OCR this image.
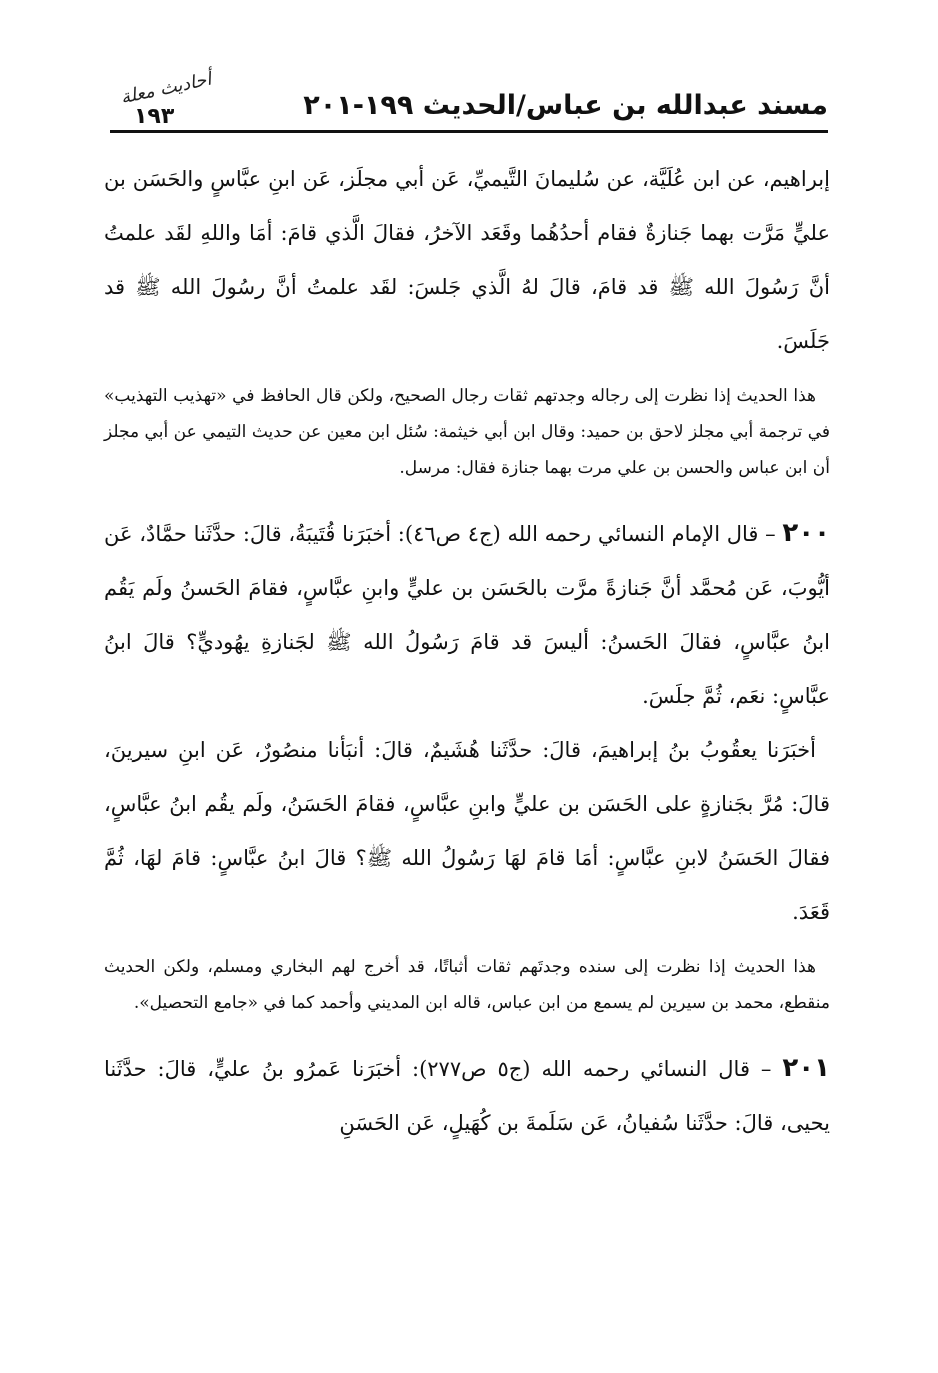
مسند عبدالله بن عباس/الحديث ١٩٩-٢٠١
أحاديث معلة
١٩٣

إبراهيم، عن ابن عُلَيَّة، عن سُليمانَ التَّيميِّ، عَن أبي مجلَز، عَن ابنِ عبَّاسٍ والحَسَن بن عليٍّ مَرَّت بهما جَنازةٌ فقام أحدُهُما وقَعَد الآخرُ، فقالَ الَّذي قامَ: أمَا واللهِ لقَد علمتُ أنَّ رَسُولَ الله ﷺ قد قامَ، قالَ لهُ الَّذي جَلسَ: لقَد علمتُ أنَّ رسُولَ الله ﷺ قد جَلَسَ.

هذا الحديث إذا نظرت إلى رجاله وجدتهم ثقات رجال الصحيح، ولكن قال الحافظ في «تهذيب التهذيب» في ترجمة أبي مجلز لاحق بن حميد: وقال ابن أبي خيثمة: سُئل ابن معين عن حديث التيمي عن أبي مجلز أن ابن عباس والحسن بن علي مرت بهما جنازة فقال: مرسل.

٢٠٠ – قال الإمام النسائي رحمه الله (ج٤ ص٤٦): أخبَرَنا قُتَيبَةُ، قالَ: حدَّثَنا حمَّادٌ، عَن أيُّوبَ، عَن مُحمَّد أنَّ جَنازةً مرَّت بالحَسَن بن عليٍّ وابنِ عبَّاسٍ، فقامَ الحَسنُ ولَم يَقُم ابنُ عبَّاسٍ، فقالَ الحَسنُ: أليسَ قد قامَ رَسُولُ الله ﷺ لجَنازةِ يهُوديٍّ؟ قالَ ابنُ عبَّاسٍ: نعَم، ثُمَّ جلَسَ.

أخبَرَنا يعقُوبُ بنُ إبراهيمَ، قالَ: حدَّثَنا هُشَيمٌ، قالَ: أنبَأنا منصُورٌ، عَن ابنِ سيرينَ، قالَ: مُرَّ بجَنازةٍ على الحَسَن بن عليٍّ وابنِ عبَّاسٍ، فقامَ الحَسَنُ، ولَم يقُم ابنُ عبَّاسٍ، فقالَ الحَسَنُ لابنِ عبَّاسٍ: أمَا قامَ لهَا رَسُولُ الله ﷺ؟ قالَ ابنُ عبَّاسٍ: قامَ لهَا، ثُمَّ قَعَدَ.

هذا الحديث إذا نظرت إلى سنده وجدتَهم ثقات أثباتًا، قد أخرج لهم البخاري ومسلم، ولكن الحديث منقطع، محمد بن سيرين لم يسمع من ابن عباس، قاله ابن المديني وأحمد كما في «جامع التحصيل».

٢٠١ – قال النسائي رحمه الله (ج٥ ص٢٧٧): أخبَرَنا عَمرُو بنُ عليٍّ، قالَ: حدَّثَنا يحيى، قالَ: حدَّثَنا سُفيانُ، عَن سَلَمةَ بن كُهَيلٍ، عَن الحَسَنِ
